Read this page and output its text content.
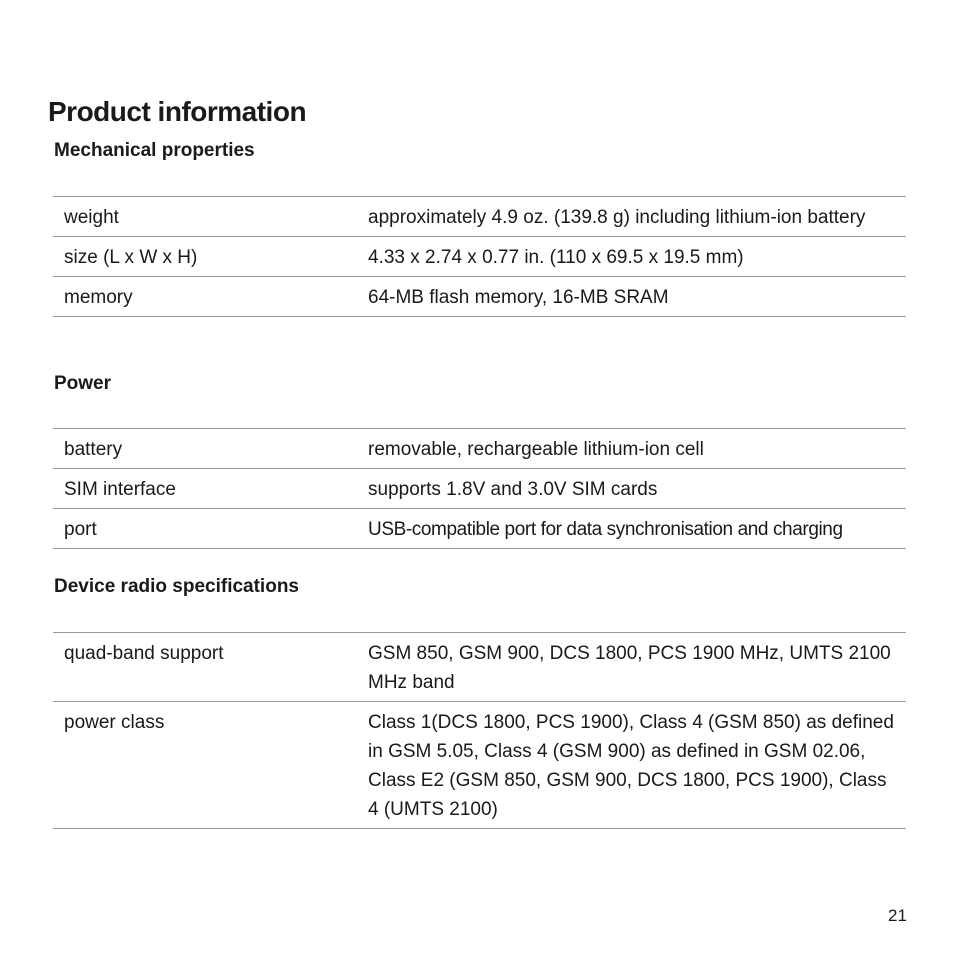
Product information
Mechanical properties
weight	approximately 4.9 oz. (139.8 g) including lithium-ion battery
size (L x W x H)	4.33 x 2.74 x 0.77 in. (110 x 69.5 x 19.5 mm)
memory	64-MB flash memory, 16-MB SRAM
Power
battery	removable, rechargeable lithium-ion cell
SIM interface	supports 1.8V and 3.0V SIM cards
port	USB-compatible port for data synchronisation and charging
Device radio specifications
quad-band support	GSM 850, GSM 900, DCS 1800, PCS 1900 MHz, UMTS 2100 MHz band
power class	Class 1(DCS 1800, PCS 1900), Class 4 (GSM 850) as defined in GSM 5.05, Class 4 (GSM 900) as defined in GSM 02.06, Class E2 (GSM 850, GSM 900, DCS 1800, PCS 1900), Class 4 (UMTS 2100)
21
